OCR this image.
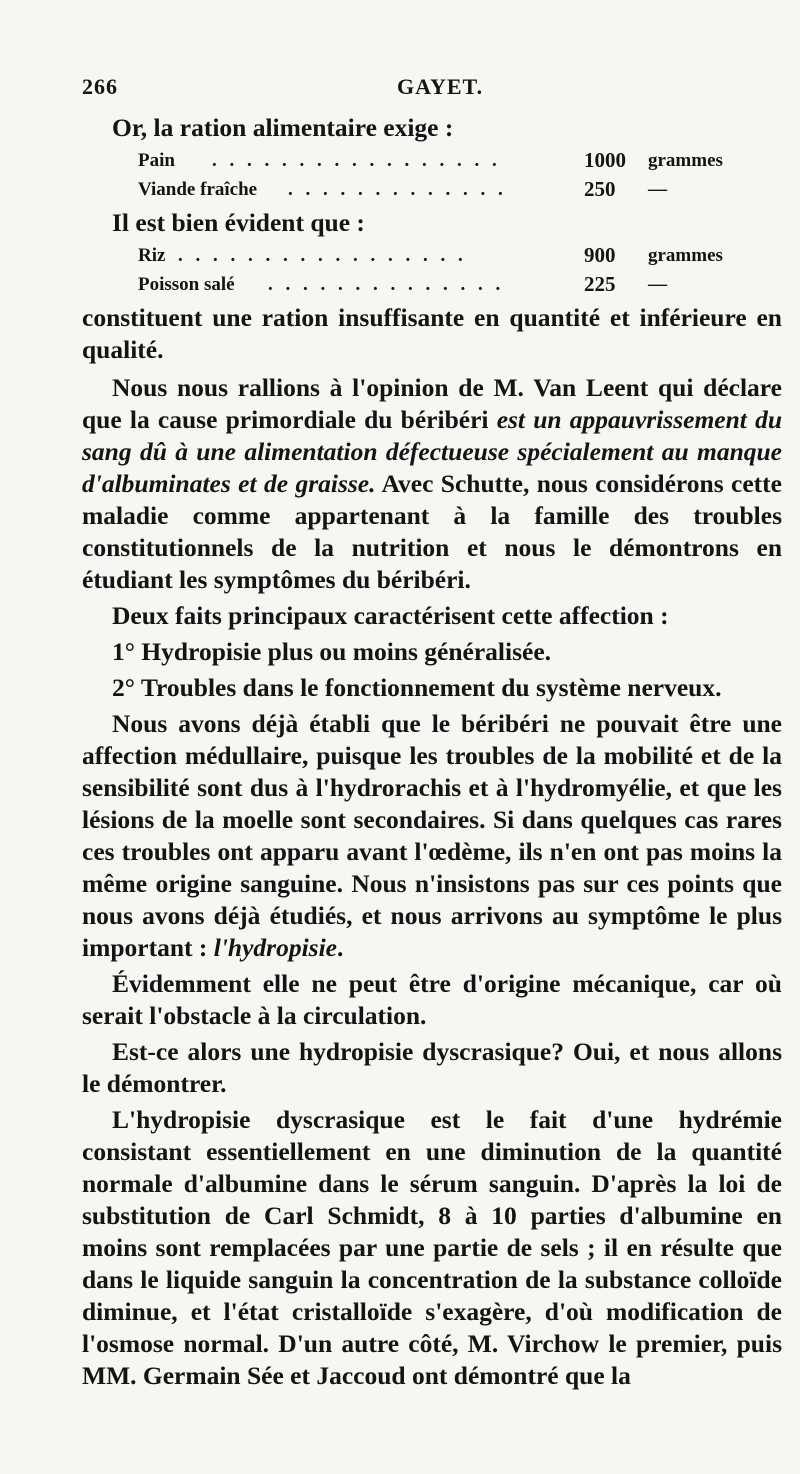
266	GAYET.

Or, la ration alimentaire exige :

Pain . . . . . . . . . . . . . . . . .	1000 grammes
Viande fraîche . . . . . . . . . . . . .	250 —

Il est bien évident que :

Riz . . . . . . . . . . . . . . . . .	900 grammes
Poisson salé . . . . . . . . . . . . . .	225 —

constituent une ration insuffisante en quantité et inférieure en qualité.

Nous nous rallions à l'opinion de M. Van Leent qui déclare que la cause primordiale du béribéri est un appauvrissement du sang dû à une alimentation défectueuse spécialement au manque d'albuminates et de graisse. Avec Schutte, nous considérons cette maladie comme appartenant à la famille des troubles constitutionnels de la nutrition et nous le démontrons en étudiant les symptômes du béribéri.

Deux faits principaux caractérisent cette affection :

1° Hydropisie plus ou moins généralisée.

2° Troubles dans le fonctionnement du système nerveux.

Nous avons déjà établi que le béribéri ne pouvait être une affection médullaire, puisque les troubles de la mobilité et de la sensibilité sont dus à l'hydrorachis et à l'hydromyélie, et que les lésions de la moelle sont secondaires. Si dans quelques cas rares ces troubles ont apparu avant l'œdème, ils n'en ont pas moins la même origine sanguine. Nous n'insistons pas sur ces points que nous avons déjà étudiés, et nous arrivons au symptôme le plus important : l'hydropisie.

Évidemment elle ne peut être d'origine mécanique, car où serait l'obstacle à la circulation.

Est-ce alors une hydropisie dyscrasique? Oui, et nous allons le démontrer.

L'hydropisie dyscrasique est le fait d'une hydrémie consistant essentiellement en une diminution de la quantité normale d'albumine dans le sérum sanguin. D'après la loi de substitution de Carl Schmidt, 8 à 10 parties d'albumine en moins sont remplacées par une partie de sels ; il en résulte que dans le liquide sanguin la concentration de la substance colloïde diminue, et l'état cristalloïde s'exagère, d'où modification de l'osmose normal. D'un autre côté, M. Virchow le premier, puis MM. Germain Sée et Jaccoud ont démontré que la
